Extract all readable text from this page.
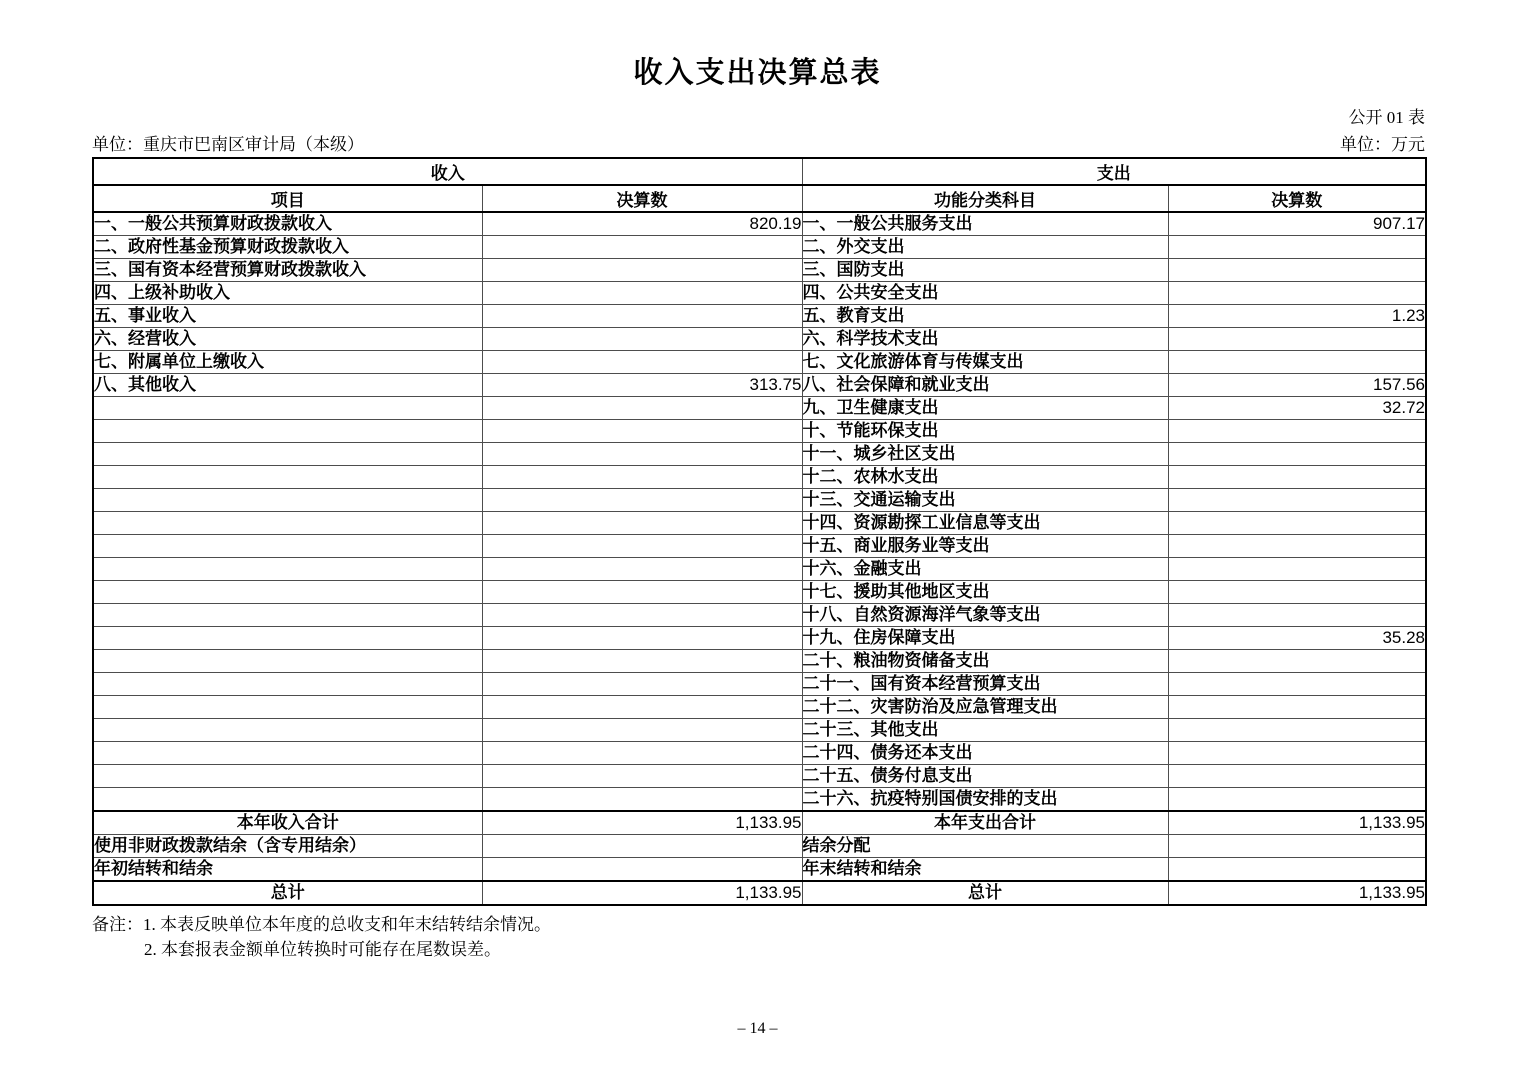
收入支出决算总表
公开 01 表
单位：重庆市巴南区审计局（本级）	单位：万元
收入		支出	
项目	决算数	功能分类科目	决算数
一、一般公共预算财政拨款收入	820.19	一、一般公共服务支出	907.17
二、政府性基金预算财政拨款收入		二、外交支出	
三、国有资本经营预算财政拨款收入		三、国防支出	
四、上级补助收入		四、公共安全支出	
五、事业收入		五、教育支出	1.23
六、经营收入		六、科学技术支出	
七、附属单位上缴收入		七、文化旅游体育与传媒支出	
八、其他收入	313.75	八、社会保障和就业支出	157.56
		九、卫生健康支出	32.72
		十、节能环保支出	
		十一、城乡社区支出	
		十二、农林水支出	
		十三、交通运输支出	
		十四、资源勘探工业信息等支出	
		十五、商业服务业等支出	
		十六、金融支出	
		十七、援助其他地区支出	
		十八、自然资源海洋气象等支出	
		十九、住房保障支出	35.28
		二十、粮油物资储备支出	
		二十一、国有资本经营预算支出	
		二十二、灾害防治及应急管理支出	
		二十三、其他支出	
		二十四、债务还本支出	
		二十五、债务付息支出	
		二十六、抗疫特别国债安排的支出	
本年收入合计	1,133.95	本年支出合计	1,133.95
使用非财政拨款结余（含专用结余）		结余分配	
年初结转和结余		年末结转和结余	
总计	1,133.95	总计	1,133.95
备注：1. 本表反映单位本年度的总收支和年末结转结余情况。
2. 本套报表金额单位转换时可能存在尾数误差。
– 14 –
